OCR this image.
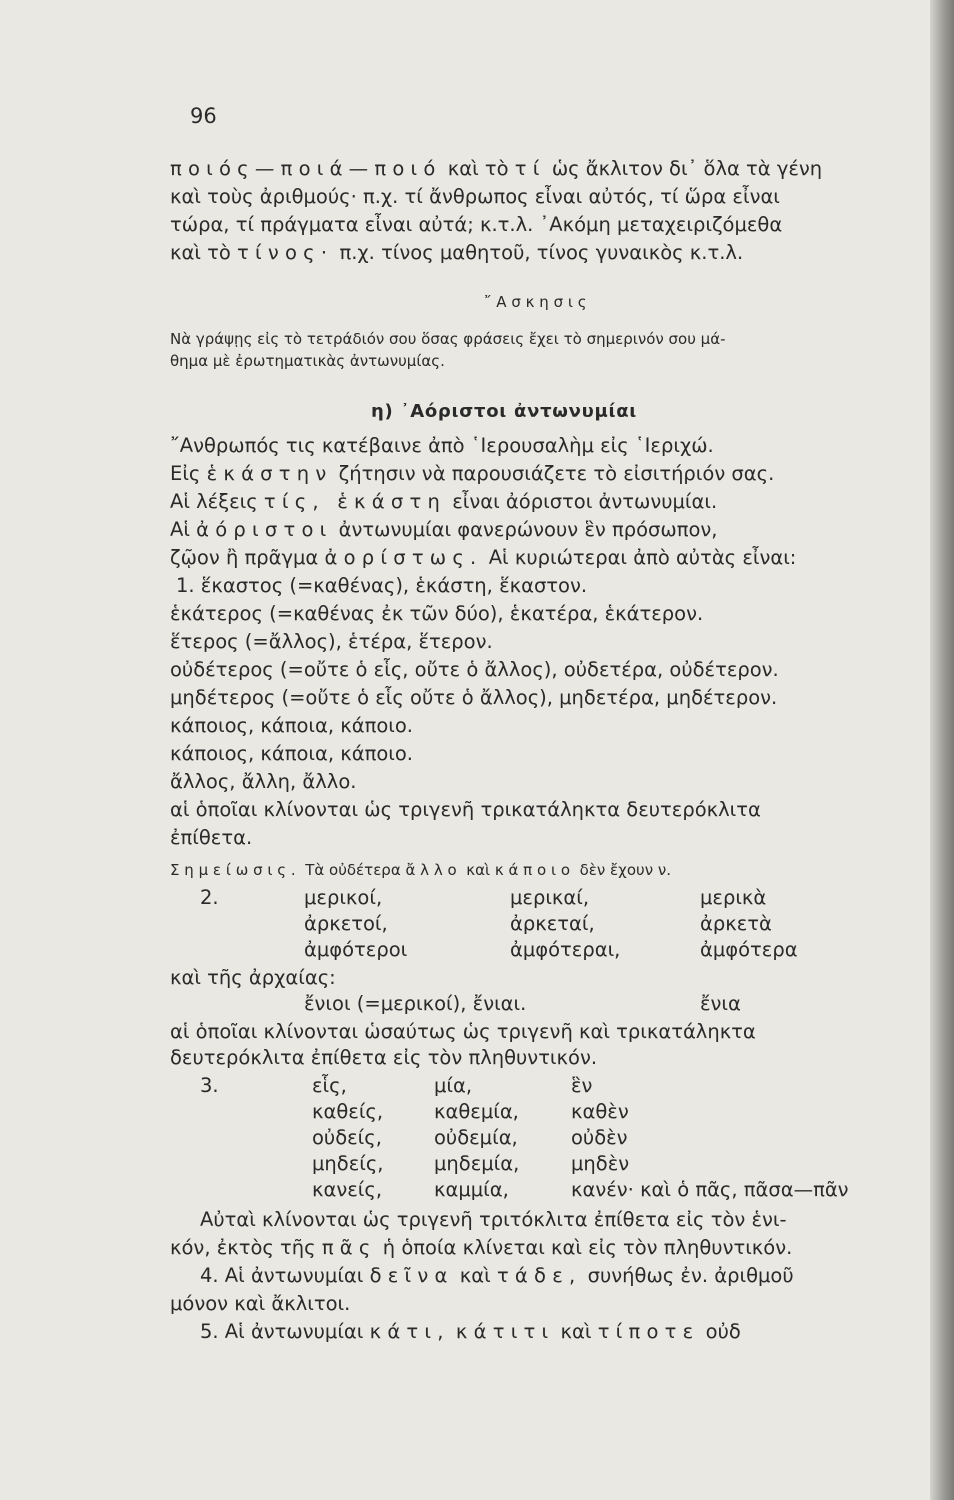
96
ποιός—ποιά—ποιό καὶ τὸ τί ὡς ἄκλιτον δι᾿ ὅλα τὰ γένη
καὶ τοὺς ἀριθμούς· π.χ. τί ἄνθρωπος εἶναι αὐτός, τί ὥρα εἶναι
τώρα, τί πράγματα εἶναι αὐτά; κ.τ.λ. ᾿Ακόμη μεταχειριζόμεθα
καὶ τὸ τίνος· π.χ. τίνος μαθητοῦ, τίνος γυναικὸς κ.τ.λ.
῎Ασκησις
Νὰ γράψῃς εἰς τὸ τετράδιόν σου ὅσας φράσεις ἔχει τὸ σημερινόν σου μά-
θημα μὲ ἐρωτηματικὰς ἀντωνυμίας.
η) ᾿Αόριστοι ἀντωνυμίαι
῎Ανθρωπός τις κατέβαινε ἀπὸ ῾Ιερουσαλὴμ εἰς ῾Ιεριχώ.
Εἰς ἑκάστην ζήτησιν νὰ παρουσιάζετε τὸ εἰσιτήριόν σας.
Αἱ λέξεις τίς, ἑκάστη εἶναι ἀόριστοι ἀντωνυμίαι.
Αἱ ἀόριστοι ἀντωνυμίαι φανερώνουν ἓν πρόσωπον,
ζῷον ἢ πρᾶγμα ἀορίστως. Αἱ κυριώτεραι ἀπὸ αὐτὰς εἶναι:
1. ἕκαστος (=καθένας), ἑκάστη, ἕκαστον.
ἑκάτερος (=καθένας ἐκ τῶν δύο), ἑκατέρα, ἑκάτερον.
ἕτερος (=ἄλλος), ἑτέρα, ἕτερον.
οὐδέτερος (=οὔτε ὁ εἷς, οὔτε ὁ ἄλλος), οὐδετέρα, οὐδέτερον.
μηδέτερος (=οὔτε ὁ εἷς οὔτε ὁ ἄλλος), μηδετέρα, μηδέτερον.
κάποιος, κάποια, κάποιο.
κάποιος, κάποια, κάποιο.
ἄλλος, ἄλλη, ἄλλο.
αἱ ὁποῖαι κλίνονται ὡς τριγενῆ τρικατάληκτα δευτερόκλιτα
ἐπίθετα.
Σημείωσις. Τὰ οὐδέτερα ἄλλο καὶ κάποιο δὲν ἔχουν ν.
2.	μερικοί,	μερικαί,	μερικὰ
ἀρκετοί,	ἀρκεταί,	ἀρκετὰ
ἀμφότεροι	ἀμφότεραι,	ἀμφότερα
καὶ τῆς ἀρχαίας:
ἔνιοι (=μερικοί), ἔνιαι.	ἔνια
αἱ ὁποῖαι κλίνονται ὡσαύτως ὡς τριγενῆ καὶ τρικατάληκτα
δευτερόκλιτα ἐπίθετα εἰς τὸν πληθυντικόν.
3.	εἷς,	μία,	ἓν
καθείς,	καθεμία,	καθὲν
οὐδείς,	οὐδεμία,	οὐδὲν
μηδείς,	μηδεμία,	μηδὲν
κανείς,	καμμία,	κανέν· καὶ ὁ πᾶς, πᾶσα—πᾶν
Αὐταὶ κλίνονται ὡς τριγενῆ τριτόκλιτα ἐπίθετα εἰς τὸν ἑνι-
κόν, ἐκτὸς τῆς πᾶς ἡ ὁποία κλίνεται καὶ εἰς τὸν πληθυντικόν.
4. Αἱ ἀντωνυμίαι δεῖνα καὶ τάδε, συνήθως ἐν. ἀριθμοῦ
μόνον καὶ ἄκλιτοι.
5. Αἱ ἀντωνυμίαι κάτι, κάτιτι καὶ τίποτε οὐδ
